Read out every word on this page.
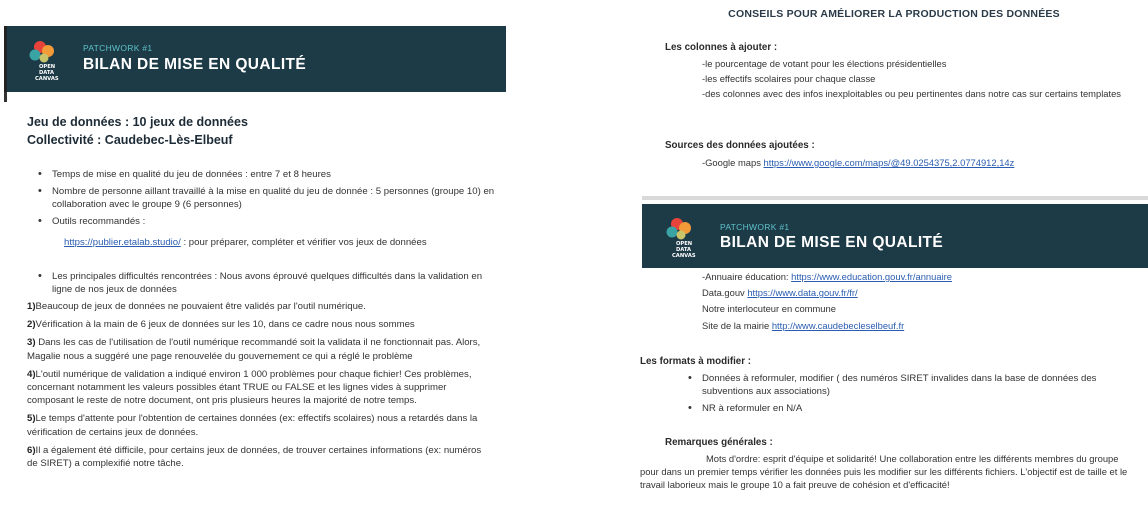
OPEN
DATA
CANVAS
PATCHWORK #1
BILAN DE MISE EN QUALITÉ
Jeu de données : 10 jeux de données
Collectivité : Caudebec-Lès-Elbeuf
• Temps de mise en qualité du jeu de données : entre 7 et 8 heures
• Nombre de personne aillant travaillé à la mise en qualité du jeu de donnée : 5 personnes (groupe 10) en collaboration avec le groupe 9 (6 personnes)
• Outils recommandés :
https://publier.etalab.studio/ : pour préparer, compléter et vérifier vos jeux de données
• Les principales difficultés rencontrées : Nous avons éprouvé quelques difficultés dans la validation en ligne de nos jeux de données
1)Beaucoup de jeux de données ne pouvaient être validés par l'outil numérique.
2)Vérification à la main de 6 jeux de données sur les 10, dans ce cadre nous nous sommes
3) Dans les cas de l'utilisation de l'outil numérique recommandé soit la validata il ne fonctionnait pas. Alors, Magalie nous a suggéré une page renouvelée du gouvernement ce qui a réglé le problème
4)L'outil numérique de validation a indiqué environ 1 000 problèmes pour chaque fichier! Ces problèmes, concernant notamment les valeurs possibles étant TRUE ou FALSE et les lignes vides à supprimer composant le reste de notre document, ont pris plusieurs heures la majorité de notre temps.
5)Le temps d'attente pour l'obtention de certaines données (ex: effectifs scolaires) nous a retardés dans la vérification de certains jeux de données.
6)Il a également été difficile, pour certains jeux de données, de trouver certaines informations (ex: numéros de SIRET) a complexifié notre tâche.
CONSEILS POUR AMÉLIORER LA PRODUCTION DES DONNÉES
Les colonnes à ajouter :
-le pourcentage de votant pour les élections présidentielles
-les effectifs scolaires pour chaque classe
-des colonnes avec des infos inexploitables ou peu pertinentes dans notre cas sur certains templates
Sources des données ajoutées :
-Google maps https://www.google.com/maps/@49.0254375,2.0774912,14z
OPEN
DATA
CANVAS
PATCHWORK #1
BILAN DE MISE EN QUALITÉ
-Annuaire éducation: https://www.education.gouv.fr/annuaire
Data.gouv https://www.data.gouv.fr/fr/
Notre interlocuteur en commune
Site de la mairie http://www.caudebecleselbeuf.fr
Les formats à modifier :
• Données à reformuler, modifier ( des numéros SIRET invalides dans la base de données des subventions aux associations)
• NR à reformuler en N/A
Remarques générales :
Mots d'ordre: esprit d'équipe et solidarité! Une collaboration entre les différents membres du groupe pour dans un premier temps vérifier les données puis les modifier sur les différents fichiers. L'objectif est de taille et le travail laborieux mais le groupe 10 a fait preuve de cohésion et d'efficacité!
